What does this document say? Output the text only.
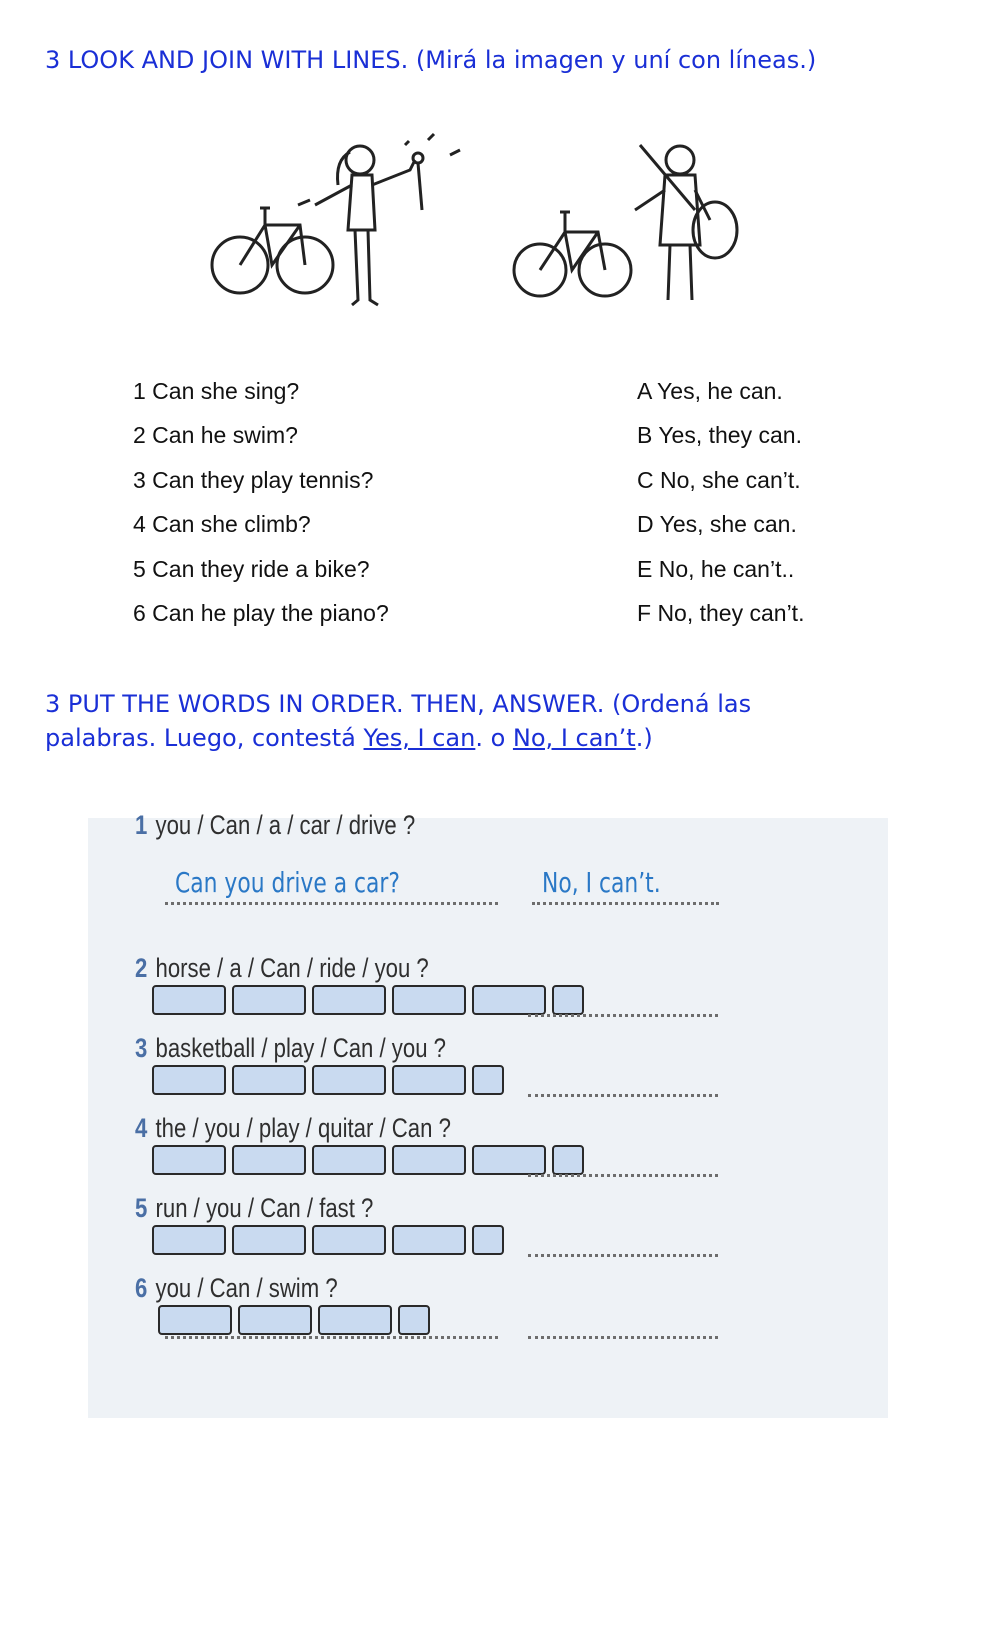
3 LOOK AND JOIN WITH LINES. (Mirá la imagen y uní con líneas.)
1 Can she sing?
2 Can he swim?
3 Can they play tennis?
4 Can she climb?
5 Can they ride a bike?
6 Can he play the piano?
A Yes, he can.
B Yes, they can.
C No, she can’t.
D Yes, she can.
E No, he can’t..
F No, they can’t.
3 PUT THE WORDS IN ORDER. THEN, ANSWER. (Ordená las
palabras. Luego, contestá Yes, I can. o No, I can’t.)
1 you / Can / a / car / drive ?
Can you drive a car?	No, I can’t.
2 horse / a / Can / ride / you ?
3 basketball / play / Can / you ?
4 the / you / play / quitar / Can ?
5 run / you / Can / fast ?
6 you / Can / swim ?
